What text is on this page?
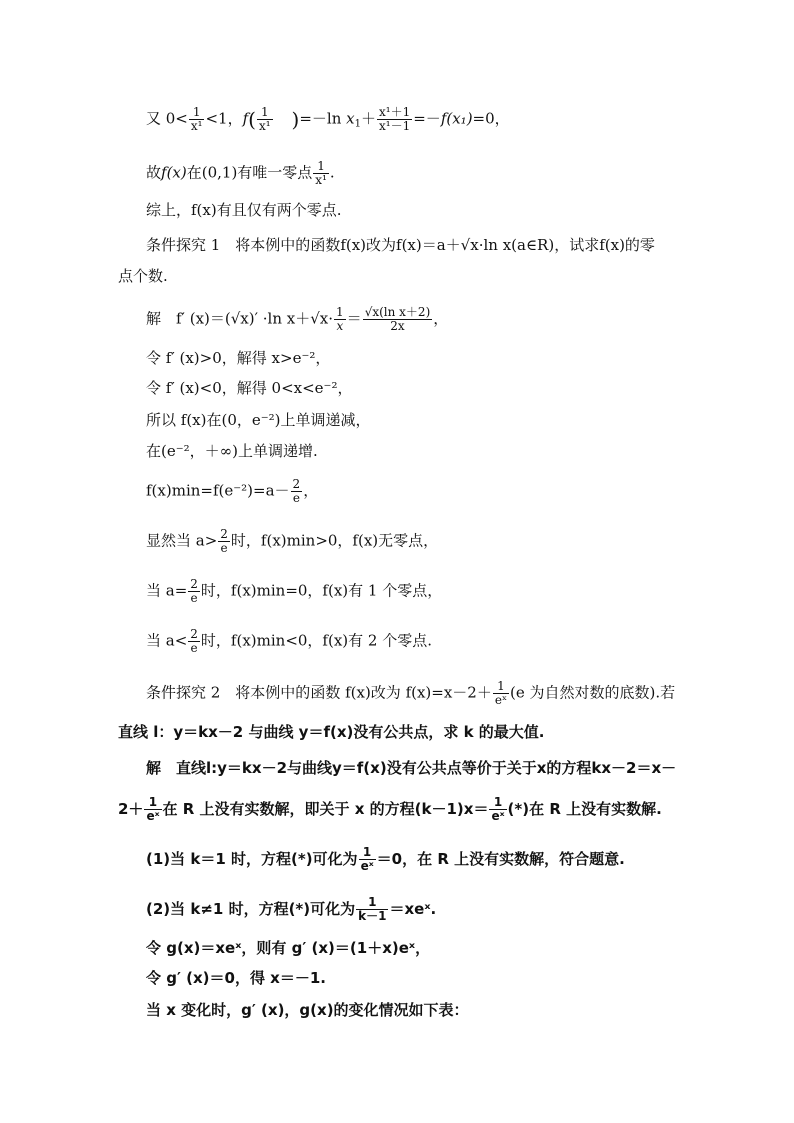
又 $0< \frac{1}{\text{x¹}} <1$，$f( \frac{1}{\text{x¹}} )=-\ln$ $x_1+ \frac{\text{x¹＋1}}{\text{x¹－1}} =-f(x_1)=0$，
故f(x)在(0,1)有唯一零点 $\frac{1}{\text{x¹}}$ .
综上，f(x)有且仅有两个零点.
条件探究 1　将本例中的函数f(x)改为f(x)＝a＋√x·ln x(a∈R)，试求f(x)的零
点个数.
解　f′ (x)＝(√x)′ ·ln $x+√x\cdot \frac{1}{x} = \frac{\text{√x(ln x＋2)}}{2x}$ ，
令 f′ (x)>0，解得 x>e⁻²，
令 f′ (x)<0，解得 0<x<e⁻²，
所以 f(x)在(0，e⁻²)上单调递减，
在(e⁻²，＋∞)上单调递增.
$f(x)\min=f(e^{-2})=a- \frac{2}{e}$ ，
显然当 $a> \frac{2}{e}$ 时，f(x)min>0，f(x)无零点，
当 $a= \frac{2}{e}$ 时，f(x)min=0，f(x)有 1 个零点，
当 $a< \frac{2}{e}$ 时，f(x)min<0，f(x)有 2 个零点.
条件探究 2　将本例中的函数 f(x)改为 $f(x)=x-2+ \frac{1}{\text{eˣ}} (e$ 为自然对数的底数).若
直线 l：y＝kx－2 与曲线 y＝f(x)没有公共点，求 k 的最大值.
解　直线l:y＝kx－2与曲线y＝f(x)没有公共点等价于关于x的方程kx－2＝x－
$2+ \frac{1}{\text{eˣ}}$ 在 R 上没有实数解，即关于 x 的方程$(k-1)x= \frac{1}{\text{eˣ}}$ (*)在 R 上没有实数解.
(1)当 k＝1 时，方程(*)可化为 $\frac{1}{\text{eˣ}} =0$，在 R 上没有实数解，符合题意.
(2)当 k≠1 时，方程(*)可化为 $\frac{1}{k-1}$ ＝xeˣ.
令 g(x)＝xeˣ，则有 g′ (x)＝(1＋x)eˣ，
令 g′ (x)＝0，得 x＝－1.
当 x 变化时，g′ (x)，g(x)的变化情况如下表：
